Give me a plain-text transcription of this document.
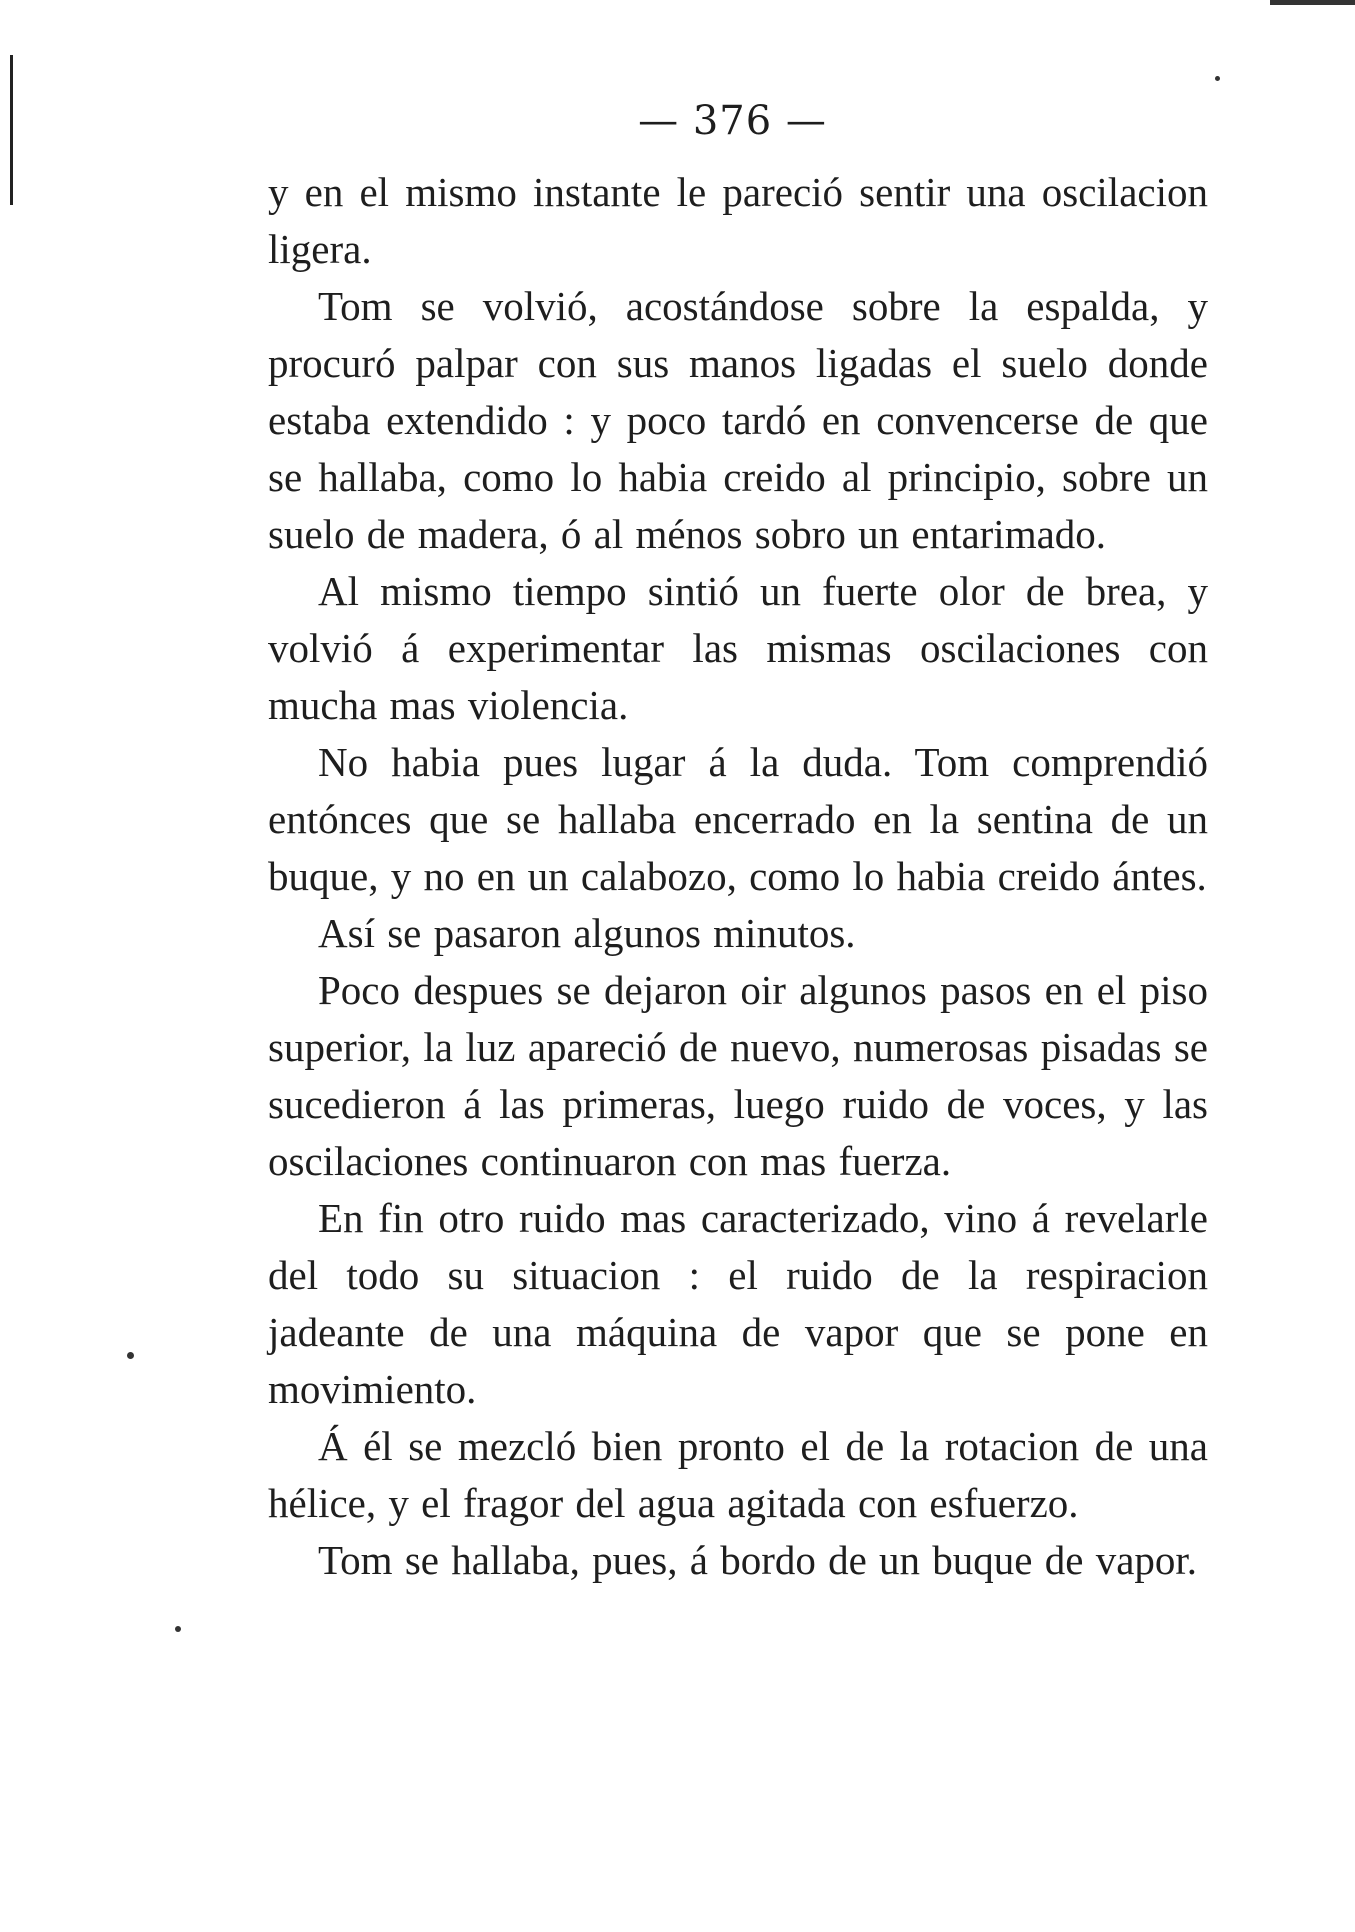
— 376 —

y en el mismo instante le pareció sentir una oscilacion ligera.

Tom se volvió, acostándose sobre la espalda, y procuró palpar con sus manos ligadas el suelo donde estaba extendido : y poco tardó en convencerse de que se hallaba, como lo habia creido al principio, sobre un suelo de madera, ó al ménos sobro un entarimado.

Al mismo tiempo sintió un fuerte olor de brea, y volvió á experimentar las mismas oscilaciones con mucha mas violencia.

No habia pues lugar á la duda. Tom comprendió entónces que se hallaba encerrado en la sentina de un buque, y no en un calabozo, como lo habia creido ántes.

Así se pasaron algunos minutos.

Poco despues se dejaron oir algunos pasos en el piso superior, la luz apareció de nuevo, numerosas pisadas se sucedieron á las primeras, luego ruido de voces, y las oscilaciones continuaron con mas fuerza.

En fin otro ruido mas caracterizado, vino á revelarle del todo su situacion : el ruido de la respiracion jadeante de una máquina de vapor que se pone en movimiento.

Á él se mezcló bien pronto el de la rotacion de una hélice, y el fragor del agua agitada con esfuerzo.

Tom se hallaba, pues, á bordo de un buque de vapor.
